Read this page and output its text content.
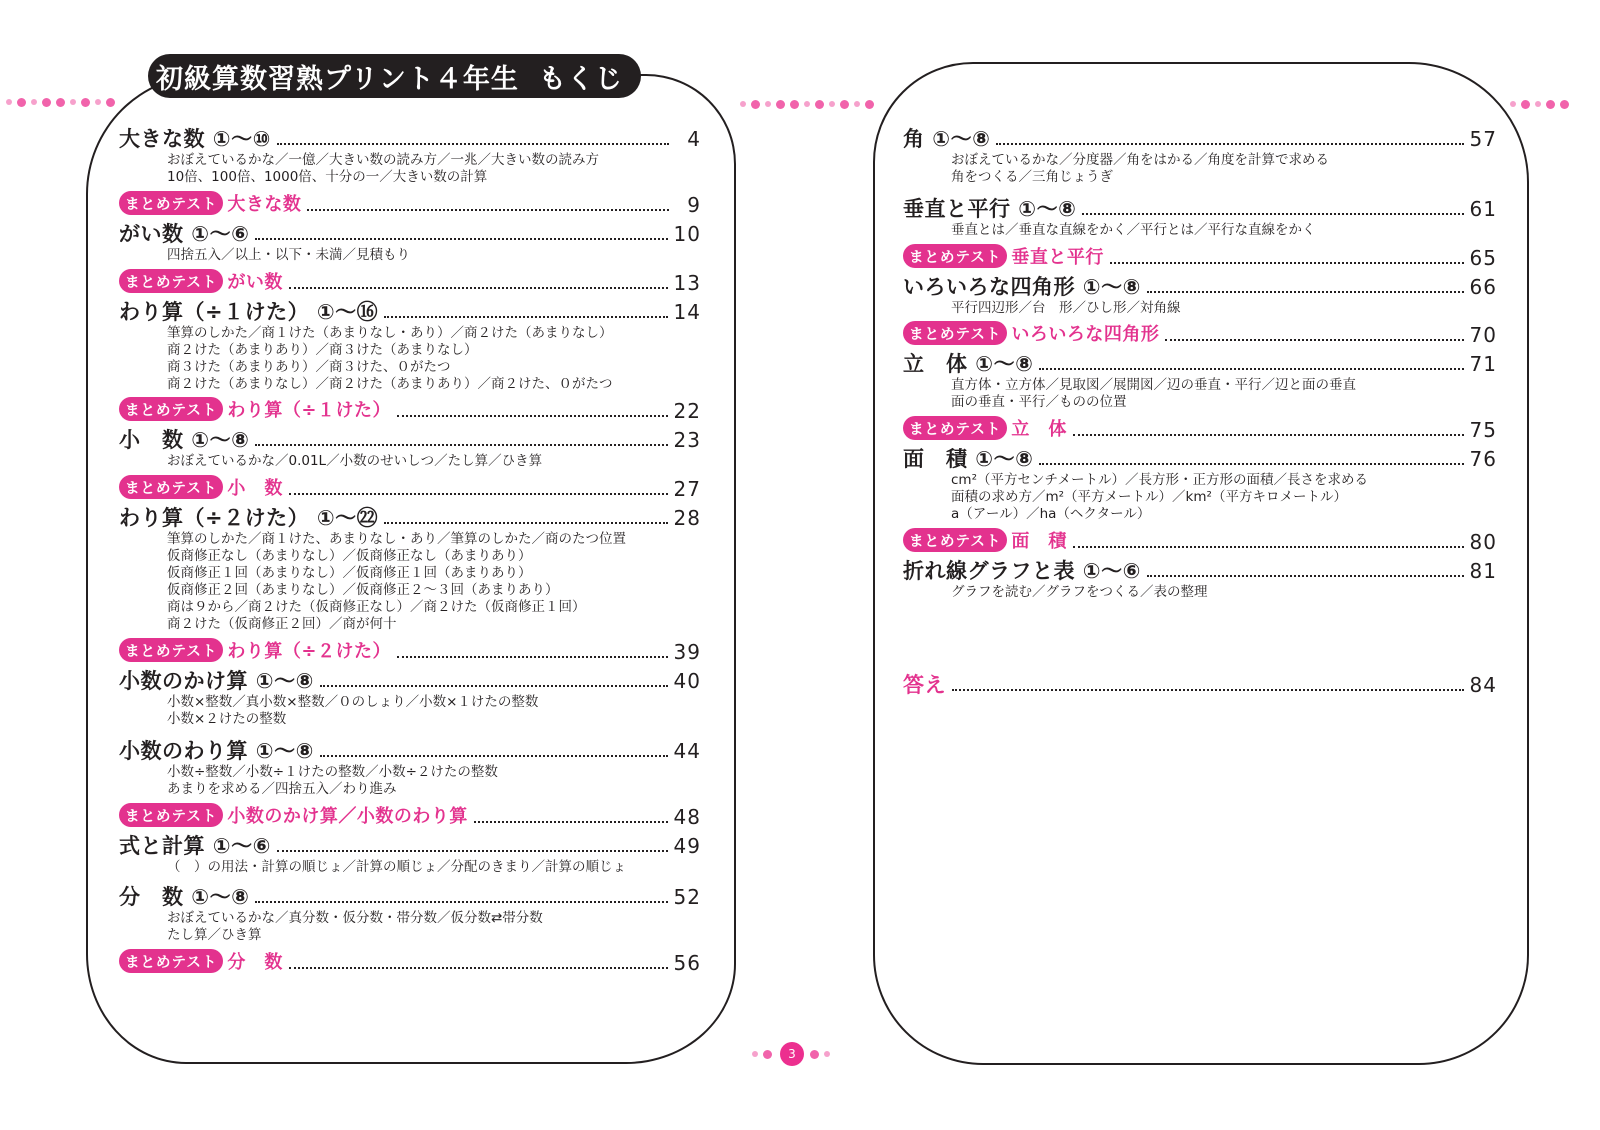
初級算数習熟プリント４年生 もくじ
大きな数 ①〜⑩	4
おぼえているかな／一億／大きい数の読み方／一兆／大きい数の読み方
10倍、100倍、1000倍、十分の一／大きい数の計算
まとめテスト 大きな数	9
がい数 ①〜⑥	10
四捨五入／以上・以下・未満／見積もり
まとめテスト がい数	13
わり算（÷１けた） ①〜⑯	14
筆算のしかた／商１けた（あまりなし・あり）／商２けた（あまりなし）
商２けた（あまりあり）／商３けた（あまりなし）
商３けた（あまりあり）／商３けた、０がたつ
商２けた（あまりなし）／商２けた（あまりあり）／商２けた、０がたつ
まとめテスト わり算（÷１けた）	22
小　数 ①〜⑧	23
おぼえているかな／0.01L／小数のせいしつ／たし算／ひき算
まとめテスト 小　数	27
わり算（÷２けた） ①〜㉒	28
筆算のしかた／商１けた、あまりなし・あり／筆算のしかた／商のたつ位置
仮商修正なし（あまりなし）／仮商修正なし（あまりあり）
仮商修正１回（あまりなし）／仮商修正１回（あまりあり）
仮商修正２回（あまりなし）／仮商修正２〜３回（あまりあり）
商は９から／商２けた（仮商修正なし）／商２けた（仮商修正１回）
商２けた（仮商修正２回）／商が何十
まとめテスト わり算（÷２けた）	39
小数のかけ算 ①〜⑧	40
小数×整数／真小数×整数／０のしょり／小数×１けたの整数
小数×２けたの整数
小数のわり算 ①〜⑧	44
小数÷整数／小数÷１けたの整数／小数÷２けたの整数
あまりを求める／四捨五入／わり進み
まとめテスト 小数のかけ算／小数のわり算	48
式と計算 ①〜⑥	49
（　）の用法・計算の順じょ／計算の順じょ／分配のきまり／計算の順じょ
分　数 ①〜⑧	52
おぼえているかな／真分数・仮分数・帯分数／仮分数⇄帯分数
たし算／ひき算
まとめテスト 分　数	56
角 ①〜⑧	57
おぼえているかな／分度器／角をはかる／角度を計算で求める
角をつくる／三角じょうぎ
垂直と平行 ①〜⑧	61
垂直とは／垂直な直線をかく／平行とは／平行な直線をかく
まとめテスト 垂直と平行	65
いろいろな四角形 ①〜⑧	66
平行四辺形／台　形／ひし形／対角線
まとめテスト いろいろな四角形	70
立　体 ①〜⑧	71
直方体・立方体／見取図／展開図／辺の垂直・平行／辺と面の垂直
面の垂直・平行／ものの位置
まとめテスト 立　体	75
面　積 ①〜⑧	76
cm²（平方センチメートル）／長方形・正方形の面積／長さを求める
面積の求め方／m²（平方メートル）／km²（平方キロメートル）
a（アール）／ha（ヘクタール）
まとめテスト 面　積	80
折れ線グラフと表 ①〜⑥	81
グラフを読む／グラフをつくる／表の整理
答え	84
3
